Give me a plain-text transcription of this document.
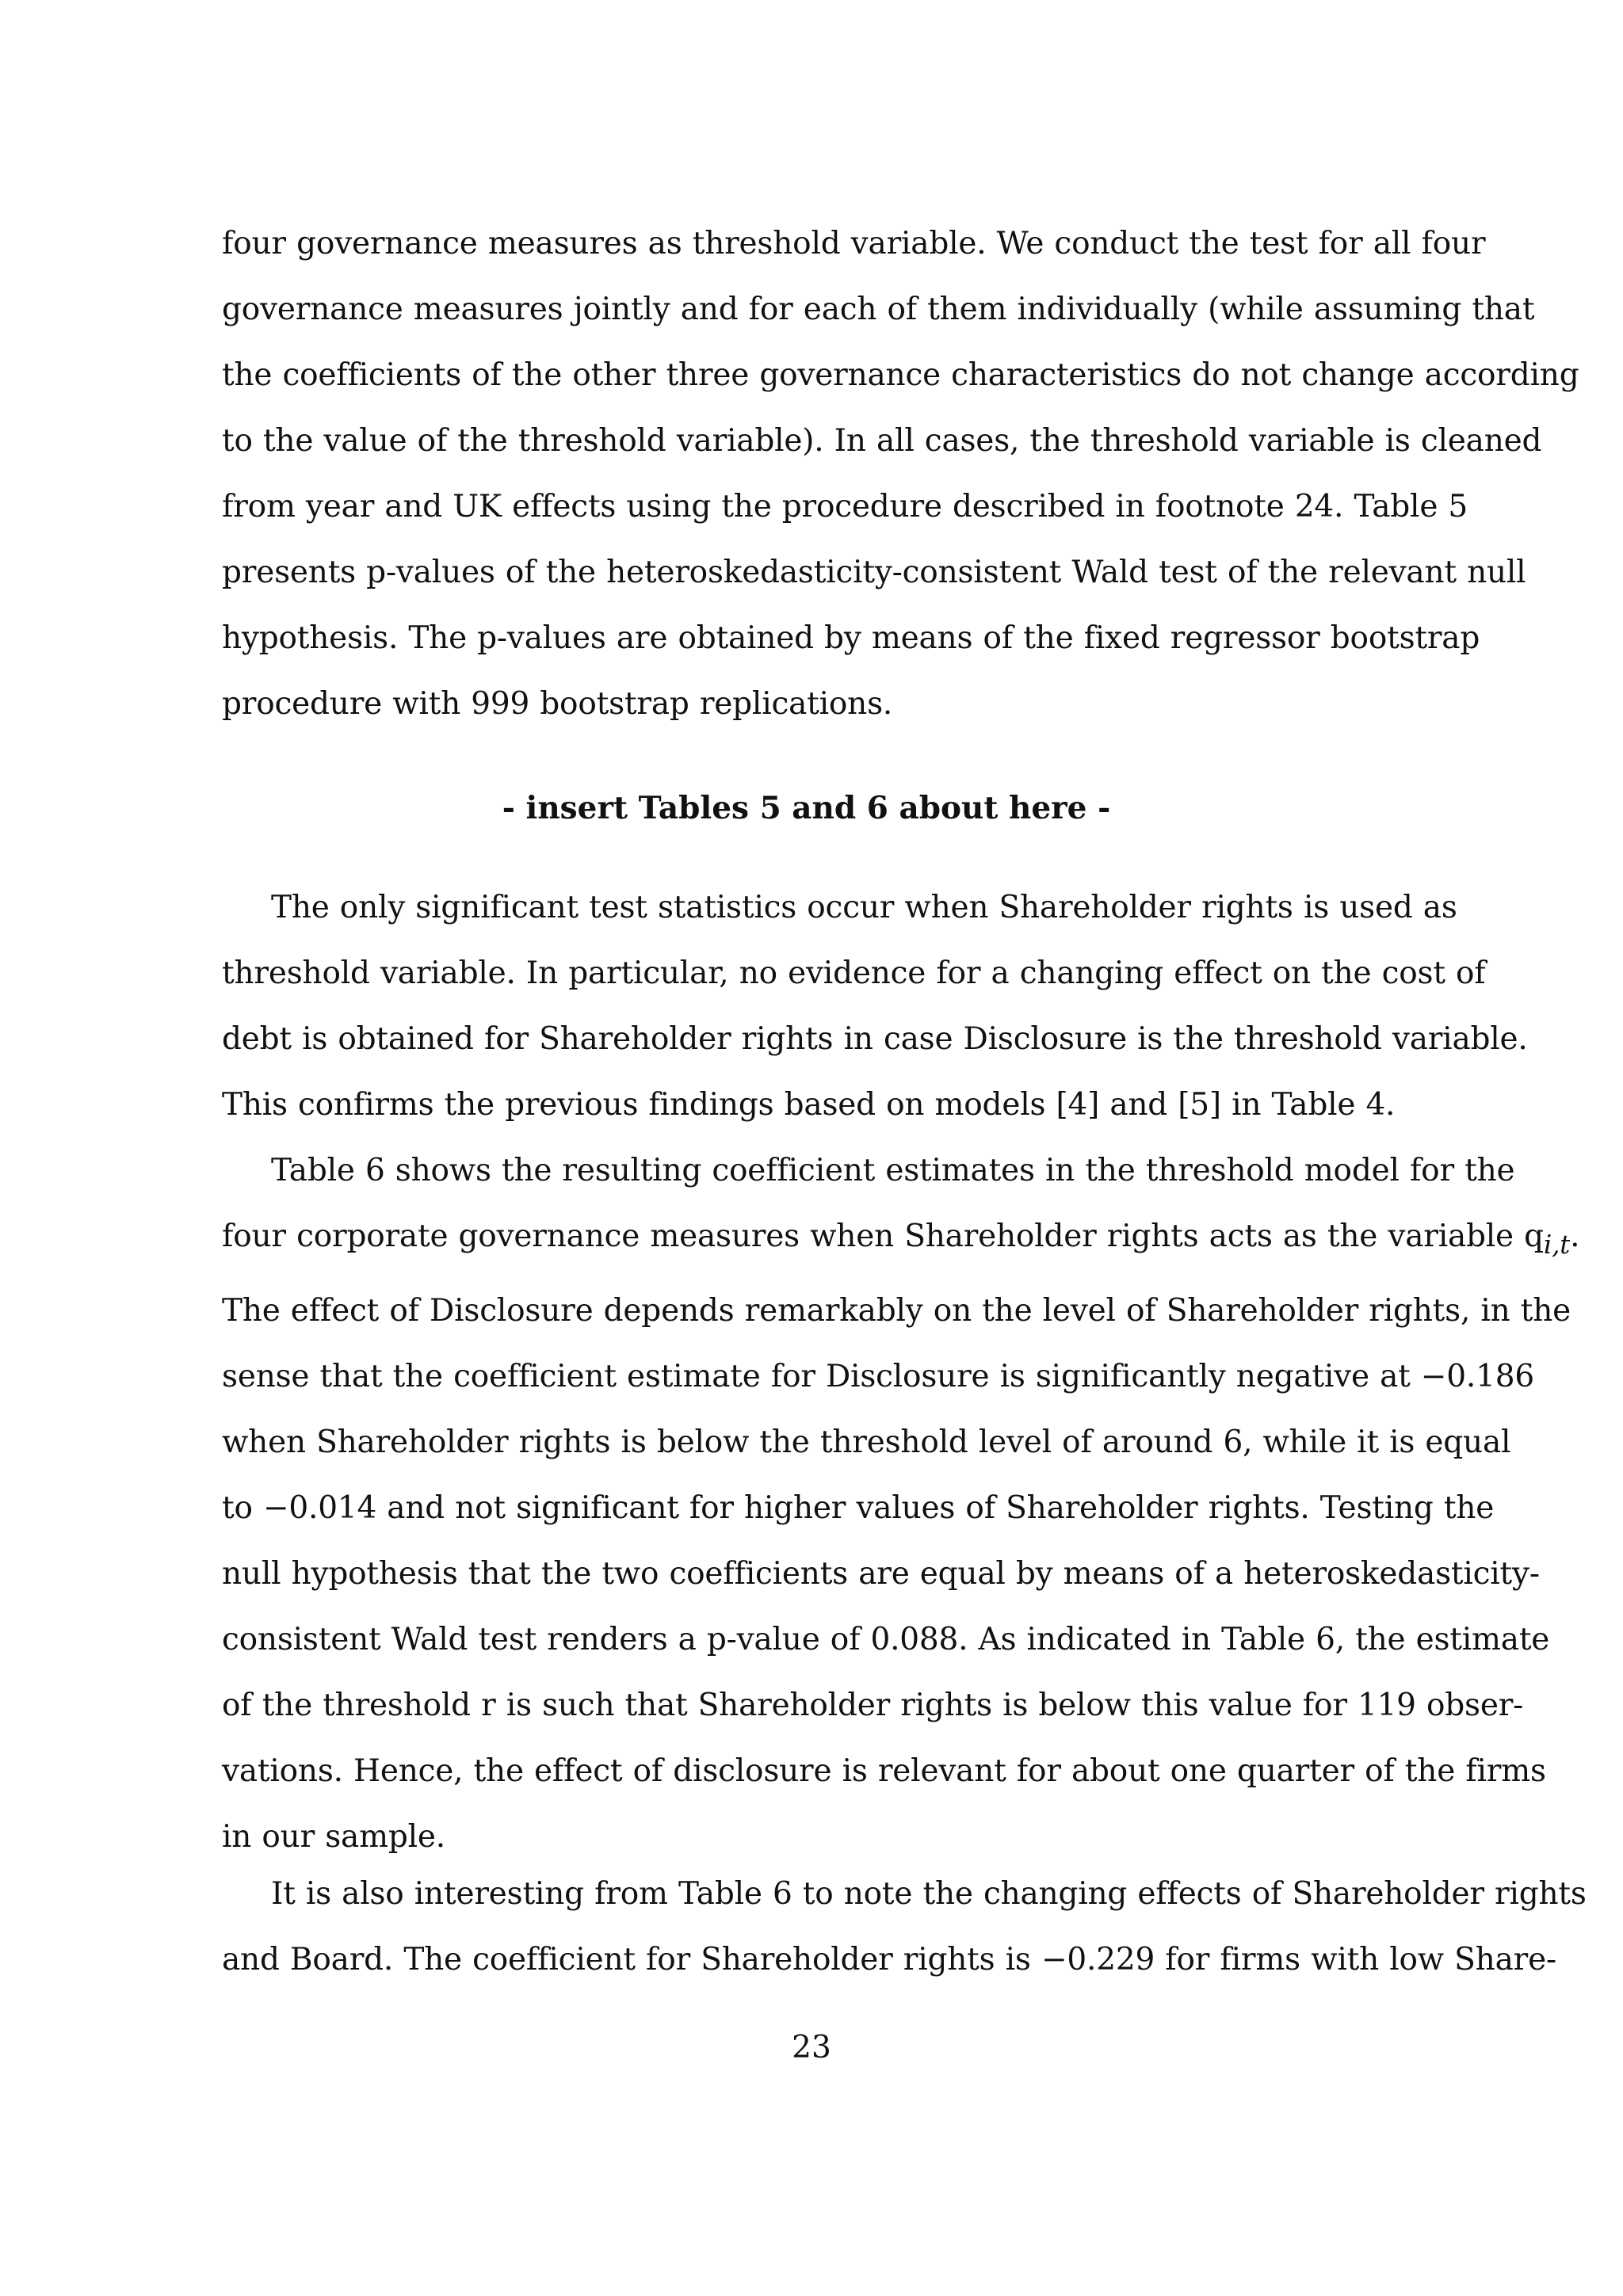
four governance measures as threshold variable. We conduct the test for all four
governance measures jointly and for each of them individually (while assuming that
the coefficients of the other three governance characteristics do not change according
to the value of the threshold variable). In all cases, the threshold variable is cleaned
from year and UK effects using the procedure described in footnote 24. Table 5
presents p-values of the heteroskedasticity-consistent Wald test of the relevant null
hypothesis. The p-values are obtained by means of the fixed regressor bootstrap
procedure with 999 bootstrap replications.
- insert Tables 5 and 6 about here -
The only significant test statistics occur when Shareholder rights is used as
threshold variable. In particular, no evidence for a changing effect on the cost of
debt is obtained for Shareholder rights in case Disclosure is the threshold variable.
This confirms the previous findings based on models [4] and [5] in Table 4.
Table 6 shows the resulting coefficient estimates in the threshold model for the
four corporate governance measures when Shareholder rights acts as the variable $q_{i,t}$.
The effect of Disclosure depends remarkably on the level of Shareholder rights, in the
sense that the coefficient estimate for Disclosure is significantly negative at −0.186
when Shareholder rights is below the threshold level of around 6, while it is equal
to −0.014 and not significant for higher values of Shareholder rights. Testing the
null hypothesis that the two coefficients are equal by means of a heteroskedasticity-
consistent Wald test renders a p-value of 0.088. As indicated in Table 6, the estimate
of the threshold r is such that Shareholder rights is below this value for 119 obser-
vations. Hence, the effect of disclosure is relevant for about one quarter of the firms
in our sample.
It is also interesting from Table 6 to note the changing effects of Shareholder rights
and Board. The coefficient for Shareholder rights is −0.229 for firms with low Share-
23
